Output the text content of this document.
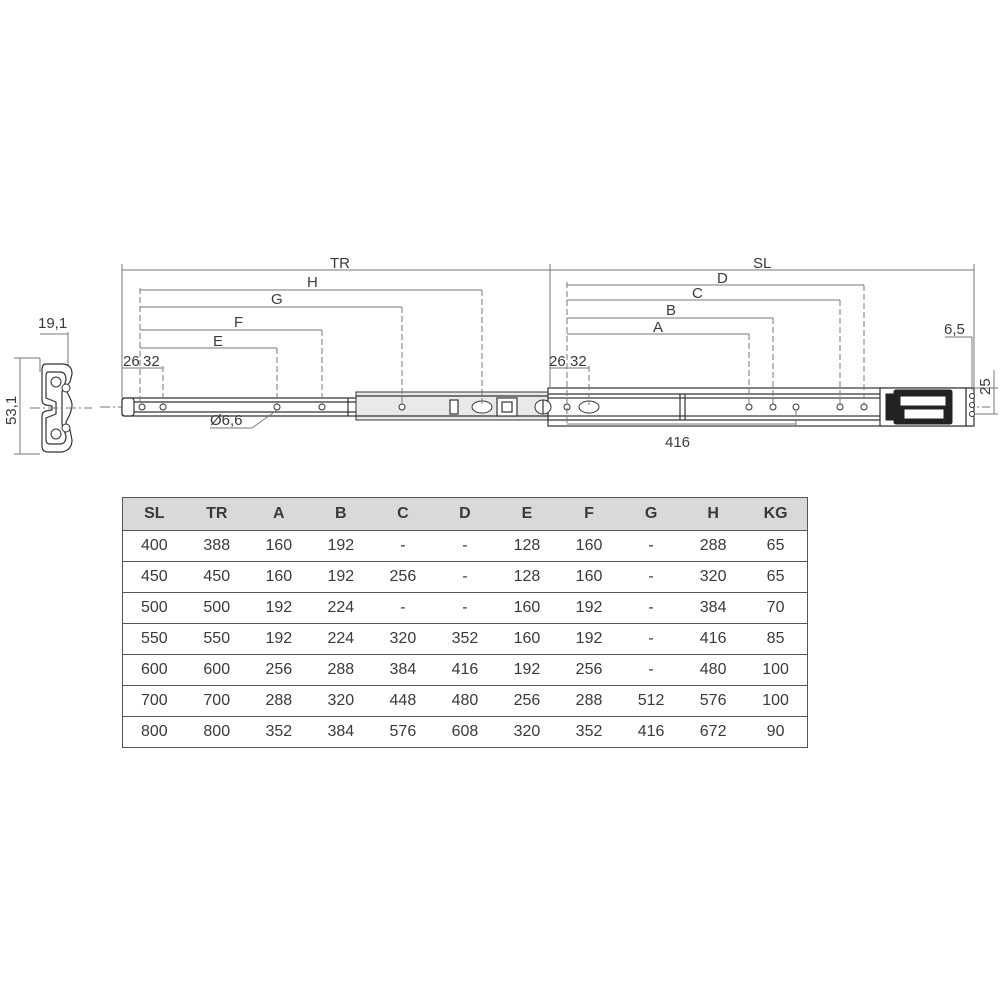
19,1
53,1
TR
H
G
F
E
26 32
Ø6,6
SL
D
C
B
A
26 32
416
6,5
25
SL	TR	A	B	C	D	E	F	G	H	KG
400	388	160	192	-	-	128	160	-	288	65
450	450	160	192	256	-	128	160	-	320	65
500	500	192	224	-	-	160	192	-	384	70
550	550	192	224	320	352	160	192	-	416	85
600	600	256	288	384	416	192	256	-	480	100
700	700	288	320	448	480	256	288	512	576	100
800	800	352	384	576	608	320	352	416	672	90
